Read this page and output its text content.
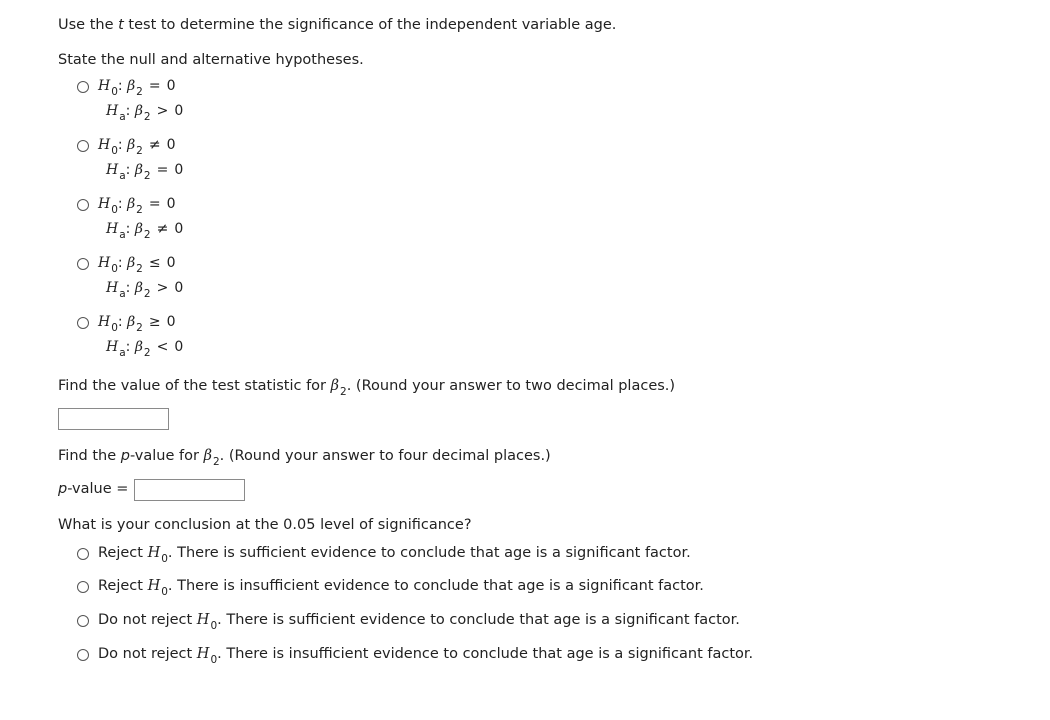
Use the t test to determine the significance of the independent variable age.
State the null and alternative hypotheses.
$H_0$: $\beta_2 = 0$
$H_a$: $\beta_2 > 0$
$H_0$: $\beta_2 \ne 0$
$H_a$: $\beta_2 = 0$
$H_0$: $\beta_2 = 0$
$H_a$: $\beta_2 \ne 0$
$H_0$: $\beta_2 \le 0$
$H_a$: $\beta_2 > 0$
$H_0$: $\beta_2 \ge 0$
$H_a$: $\beta_2 < 0$
Find the value of the test statistic for $\beta_2$. (Round your answer to two decimal places.)
Find the p-value for $\beta_2$. (Round your answer to four decimal places.)
p-value =
What is your conclusion at the 0.05 level of significance?
Reject $H_0$. There is sufficient evidence to conclude that age is a significant factor.
Reject $H_0$. There is insufficient evidence to conclude that age is a significant factor.
Do not reject $H_0$. There is sufficient evidence to conclude that age is a significant factor.
Do not reject $H_0$. There is insufficient evidence to conclude that age is a significant factor.
